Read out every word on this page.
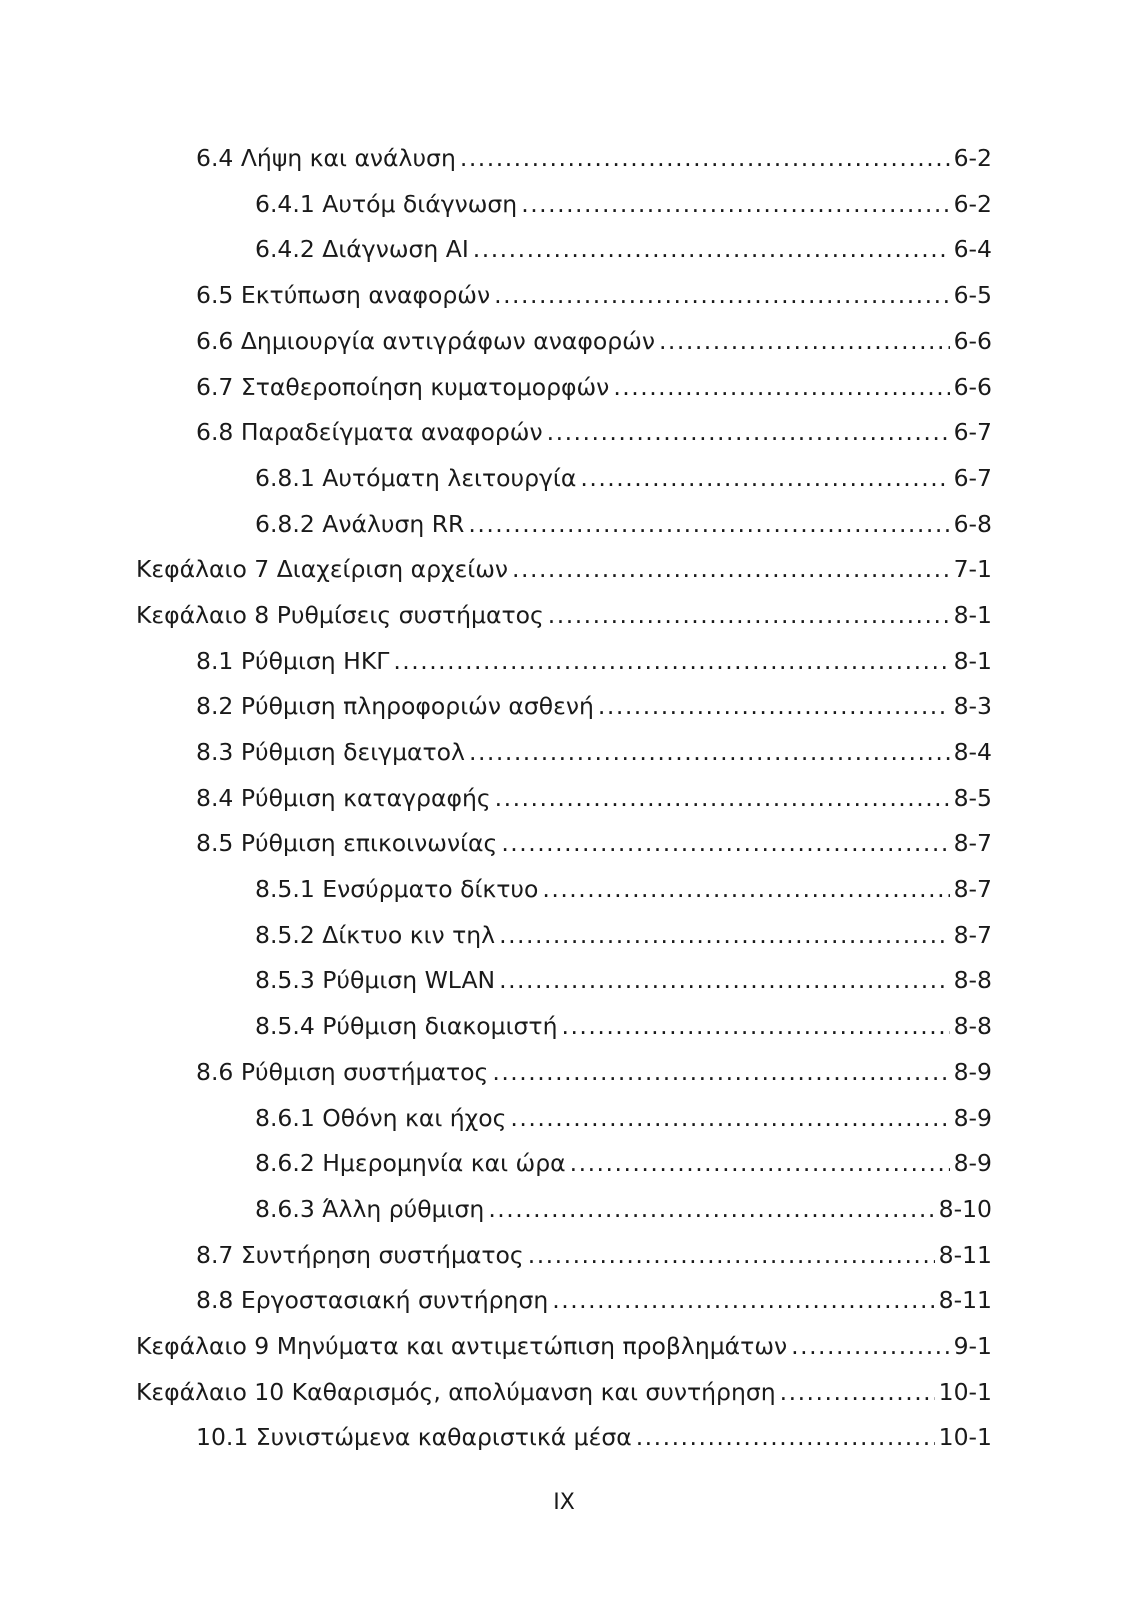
6.4 Λήψη και ανάλυση .....	6-2
6.4.1 Αυτόμ διάγνωση .....	6-2
6.4.2 Διάγνωση AI .....	6-4
6.5 Εκτύπωση αναφορών .....	6-5
6.6 Δημιουργία αντιγράφων αναφορών .....	6-6
6.7 Σταθεροποίηση κυματομορφών .....	6-6
6.8 Παραδείγματα αναφορών .....	6-7
6.8.1 Αυτόματη λειτουργία .....	6-7
6.8.2 Ανάλυση RR .....	6-8
Κεφάλαιο 7 Διαχείριση αρχείων .....	7-1
Κεφάλαιο 8 Ρυθμίσεις συστήματος .....	8-1
8.1 Ρύθμιση ΗΚΓ .....	8-1
8.2 Ρύθμιση πληροφοριών ασθενή .....	8-3
8.3 Ρύθμιση δειγματολ .....	8-4
8.4 Ρύθμιση καταγραφής .....	8-5
8.5 Ρύθμιση επικοινωνίας .....	8-7
8.5.1 Ενσύρματο δίκτυο .....	8-7
8.5.2 Δίκτυο κιν τηλ .....	8-7
8.5.3 Ρύθμιση WLAN .....	8-8
8.5.4 Ρύθμιση διακομιστή .....	8-8
8.6 Ρύθμιση συστήματος .....	8-9
8.6.1 Οθόνη και ήχος .....	8-9
8.6.2 Ημερομηνία και ώρα .....	8-9
8.6.3 Άλλη ρύθμιση .....	8-10
8.7 Συντήρηση συστήματος .....	8-11
8.8 Εργοστασιακή συντήρηση .....	8-11
Κεφάλαιο 9 Μηνύματα και αντιμετώπιση προβλημάτων .....	9-1
Κεφάλαιο 10 Καθαρισμός, απολύμανση και συντήρηση .....	10-1
10.1 Συνιστώμενα καθαριστικά μέσα .....	10-1
IX
